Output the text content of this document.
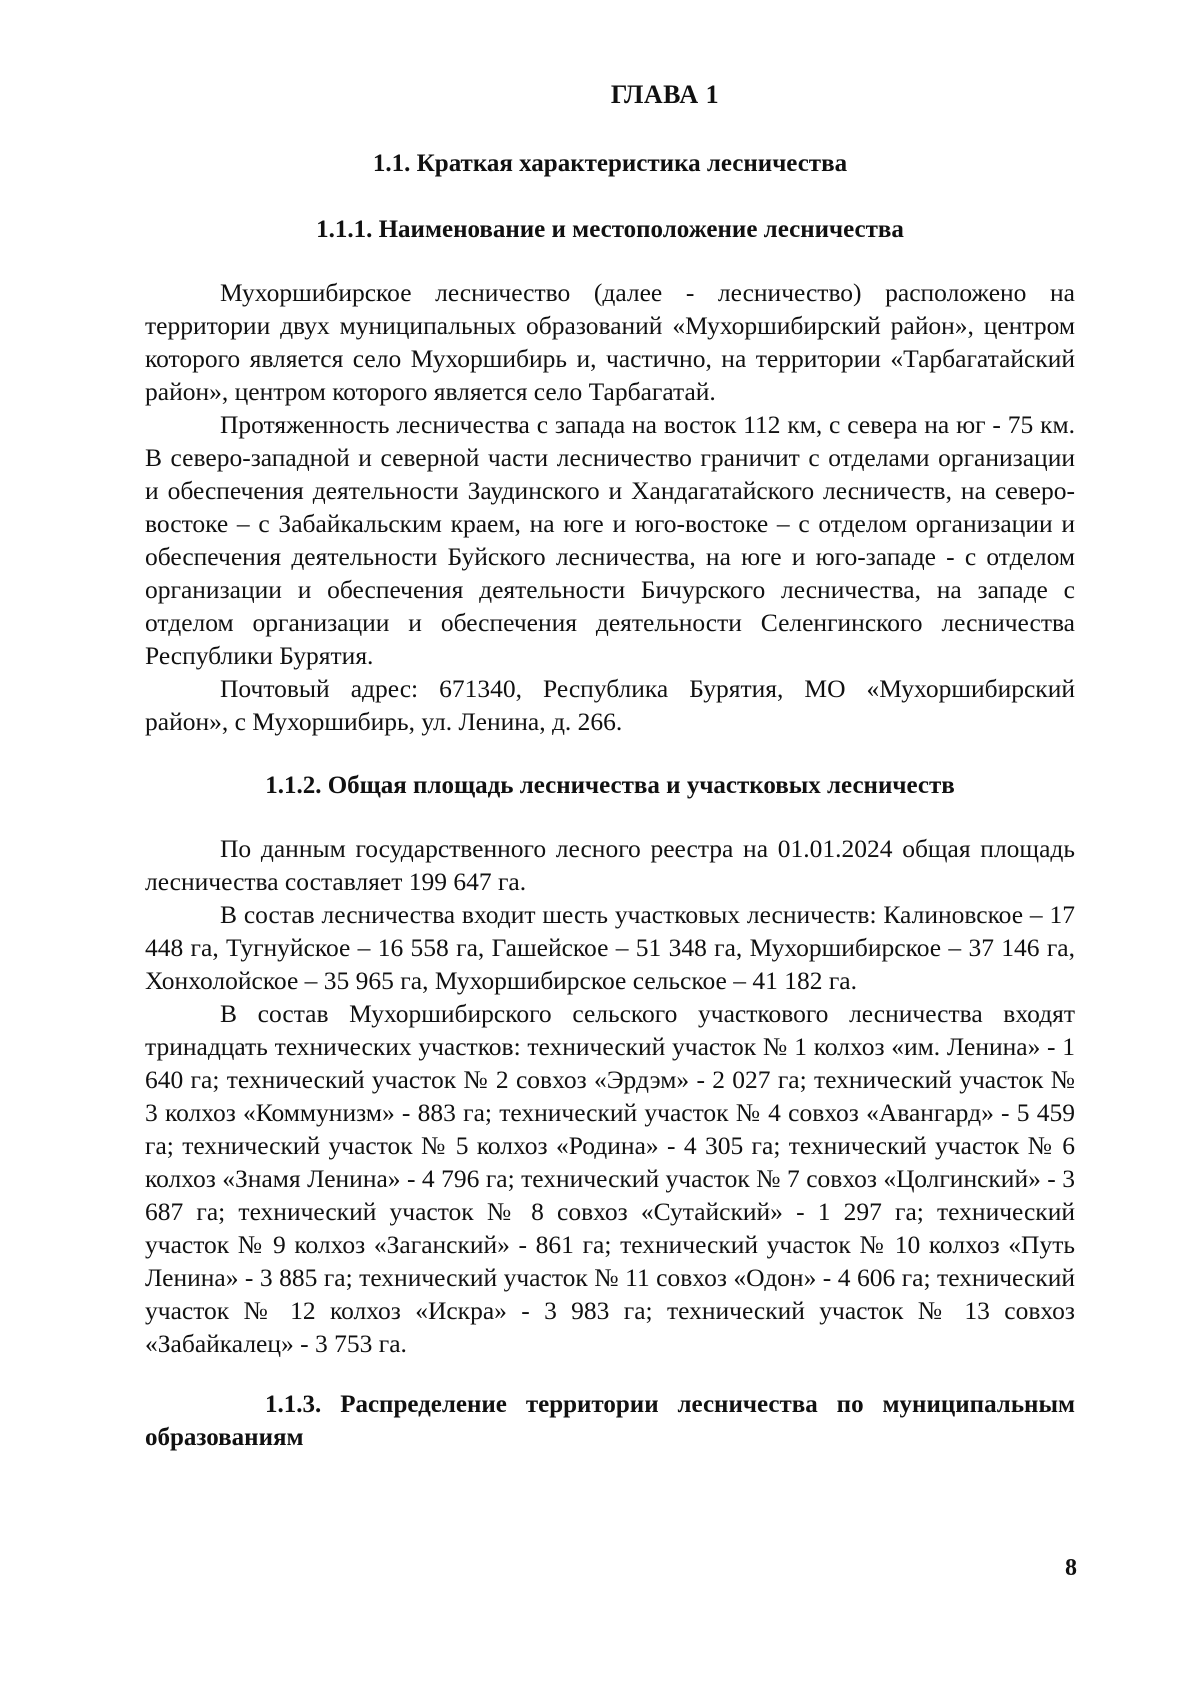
ГЛАВА 1
1.1. Краткая характеристика лесничества
1.1.1. Наименование и местоположение лесничества

Мухоршибирское лесничество (далее - лесничество) расположено на территории двух муниципальных образований «Мухоршибирский район», центром которого является село Мухоршибирь и, частично, на территории «Тарбагатайский район», центром которого является село Тарбагатай.

Протяженность лесничества с запада на восток 112 км, с севера на юг - 75 км. В северо-западной и северной части лесничество граничит с отделами организации и обеспечения деятельности Заудинского и Хандагатайского лесничеств, на северо-востоке – с Забайкальским краем, на юге и юго-востоке – с отделом организации и обеспечения деятельности Буйского лесничества, на юге и юго-западе - с отделом организации и обеспечения деятельности Бичурского лесничества, на западе с отделом организации и обеспечения деятельности Селенгинского лесничества Республики Бурятия.

Почтовый адрес: 671340, Республика Бурятия, МО «Мухоршибирский район», с Мухоршибирь, ул. Ленина, д. 266.

1.1.2. Общая площадь лесничества и участковых лесничеств

По данным государственного лесного реестра на 01.01.2024 общая площадь лесничества составляет 199 647 га.

В состав лесничества входит шесть участковых лесничеств: Калиновское – 17 448 га, Тугнуйское – 16 558 га, Гашейское – 51 348 га, Мухоршибирское – 37 146 га, Хонхолойское – 35 965 га, Мухоршибирское сельское – 41 182 га.

В состав Мухоршибирского сельского участкового лесничества входят тринадцать технических участков: технический участок № 1 колхоз «им. Ленина» - 1 640 га; технический участок № 2 совхоз «Эрдэм» - 2 027 га; технический участок № 3 колхоз «Коммунизм» - 883 га; технический участок № 4 совхоз «Авангард» - 5 459 га; технический участок № 5 колхоз «Родина» - 4 305 га; технический участок № 6 колхоз «Знамя Ленина» - 4 796 га; технический участок № 7 совхоз «Цолгинский» - 3 687 га; технический участок № 8 совхоз «Сутайский» - 1 297 га; технический участок № 9 колхоз «Заганский» - 861 га; технический участок № 10 колхоз «Путь Ленина» - 3 885 га; технический участок № 11 совхоз «Одон» - 4 606 га; технический участок № 12 колхоз «Искра» - 3 983 га; технический участок № 13 совхоз «Забайкалец» - 3 753 га.

1.1.3. Распределение территории лесничества по муниципальным образованиям
8
